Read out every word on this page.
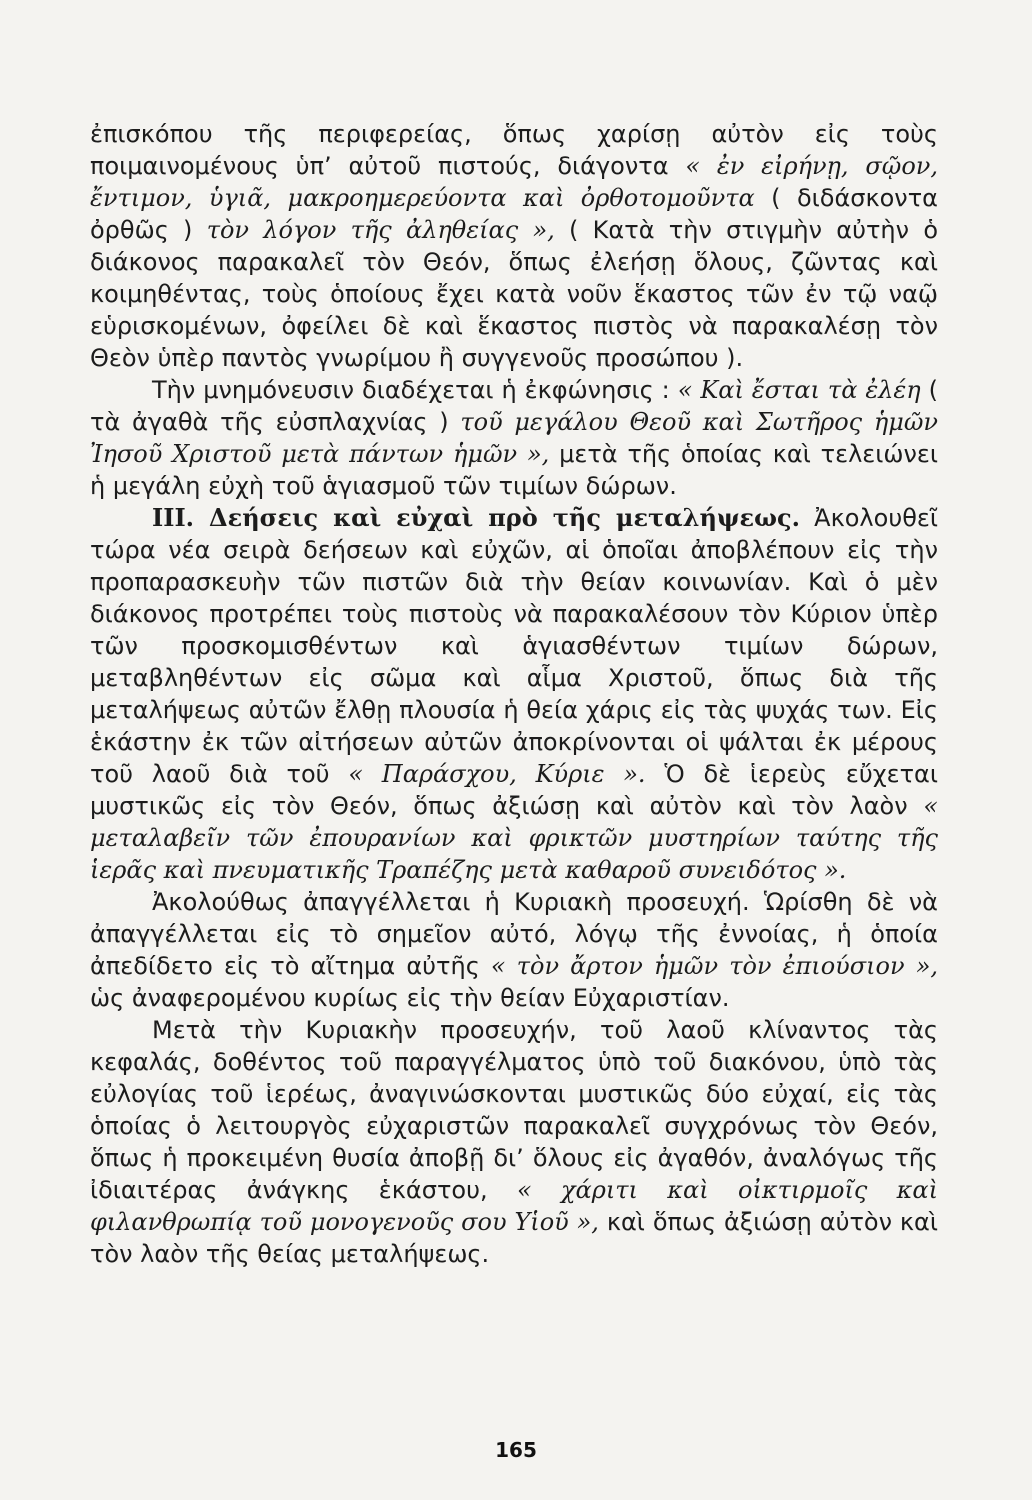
ἐπισκόπου τῆς περιφερείας, ὅπως χαρίσῃ αὐτὸν εἰς τοὺς ποιμαινομένους ὑπ’ αὐτοῦ πιστούς, διάγοντα « ἐν εἰρήνῃ, σῷον, ἔντιμον, ὑγιᾶ, μακροημερεύοντα καὶ ὀρθοτομοῦντα ( διδάσκοντα ὀρθῶς ) τὸν λόγον τῆς ἀληθείας », ( Κατὰ τὴν στιγμὴν αὐτὴν ὁ διάκονος παρακαλεῖ τὸν Θεόν, ὅπως ἐλεήσῃ ὅλους, ζῶντας καὶ κοιμηθέντας, τοὺς ὁποίους ἔχει κατὰ νοῦν ἕκαστος τῶν ἐν τῷ ναῷ εὑρισκομένων, ὀφείλει δὲ καὶ ἕκαστος πιστὸς νὰ παρακαλέσῃ τὸν Θεὸν ὑπὲρ παντὸς γνωρίμου ἢ συγγενοῦς προσώπου ).

Τὴν μνημόνευσιν διαδέχεται ἡ ἐκφώνησις : « Καὶ ἔσται τὰ ἐλέη ( τὰ ἀγαθὰ τῆς εὐσπλαχνίας ) τοῦ μεγάλου Θεοῦ καὶ Σωτῆρος ἡμῶν Ἰησοῦ Χριστοῦ μετὰ πάντων ἡμῶν », μετὰ τῆς ὁποίας καὶ τελειώνει ἡ μεγάλη εὐχὴ τοῦ ἁγιασμοῦ τῶν τιμίων δώρων.

ΙΙΙ. Δεήσεις καὶ εὐχαὶ πρὸ τῆς μεταλήψεως. Ἀκολουθεῖ τώρα νέα σειρὰ δεήσεων καὶ εὐχῶν, αἱ ὁποῖαι ἀποβλέπουν εἰς τὴν προπαρασκευὴν τῶν πιστῶν διὰ τὴν θείαν κοινωνίαν. Καὶ ὁ μὲν διάκονος προτρέπει τοὺς πιστοὺς νὰ παρακαλέσουν τὸν Κύριον ὑπὲρ τῶν προσκομισθέντων καὶ ἁγιασθέντων τιμίων δώρων, μεταβληθέντων εἰς σῶμα καὶ αἷμα Χριστοῦ, ὅπως διὰ τῆς μεταλήψεως αὐτῶν ἔλθῃ πλουσία ἡ θεία χάρις εἰς τὰς ψυχάς των. Εἰς ἑκάστην ἐκ τῶν αἰτήσεων αὐτῶν ἀποκρίνονται οἱ ψάλται ἐκ μέρους τοῦ λαοῦ διὰ τοῦ « Παράσχου, Κύριε ». Ὁ δὲ ἱερεὺς εὔχεται μυστικῶς εἰς τὸν Θεόν, ὅπως ἀξιώσῃ καὶ αὐτὸν καὶ τὸν λαὸν « μεταλαβεῖν τῶν ἐπουρανίων καὶ φρικτῶν μυστηρίων ταύτης τῆς ἱερᾶς καὶ πνευματικῆς Τραπέζης μετὰ καθαροῦ συνειδότος ».

Ἀκολούθως ἀπαγγέλλεται ἡ Κυριακὴ προσευχή. Ὡρίσθη δὲ νὰ ἀπαγγέλλεται εἰς τὸ σημεῖον αὐτό, λόγῳ τῆς ἐννοίας, ἡ ὁποία ἀπεδίδετο εἰς τὸ αἴτημα αὐτῆς « τὸν ἄρτον ἡμῶν τὸν ἐπιούσιον », ὡς ἀναφερομένου κυρίως εἰς τὴν θείαν Εὐχαριστίαν.

Μετὰ τὴν Κυριακὴν προσευχήν, τοῦ λαοῦ κλίναντος τὰς κεφαλάς, δοθέντος τοῦ παραγγέλματος ὑπὸ τοῦ διακόνου, ὑπὸ τὰς εὐλογίας τοῦ ἱερέως, ἀναγινώσκονται μυστικῶς δύο εὐχαί, εἰς τὰς ὁποίας ὁ λειτουργὸς εὐχαριστῶν παρακαλεῖ συγχρόνως τὸν Θεόν, ὅπως ἡ προκειμένη θυσία ἀποβῇ δι’ ὅλους εἰς ἀγαθόν, ἀναλόγως τῆς ἰδιαιτέρας ἀνάγκης ἑκάστου, « χάριτι καὶ οἰκτιρμοῖς καὶ φιλανθρωπίᾳ τοῦ μονογενοῦς σου Υἱοῦ », καὶ ὅπως ἀξιώσῃ αὐτὸν καὶ τὸν λαὸν τῆς θείας μεταλήψεως.

165
